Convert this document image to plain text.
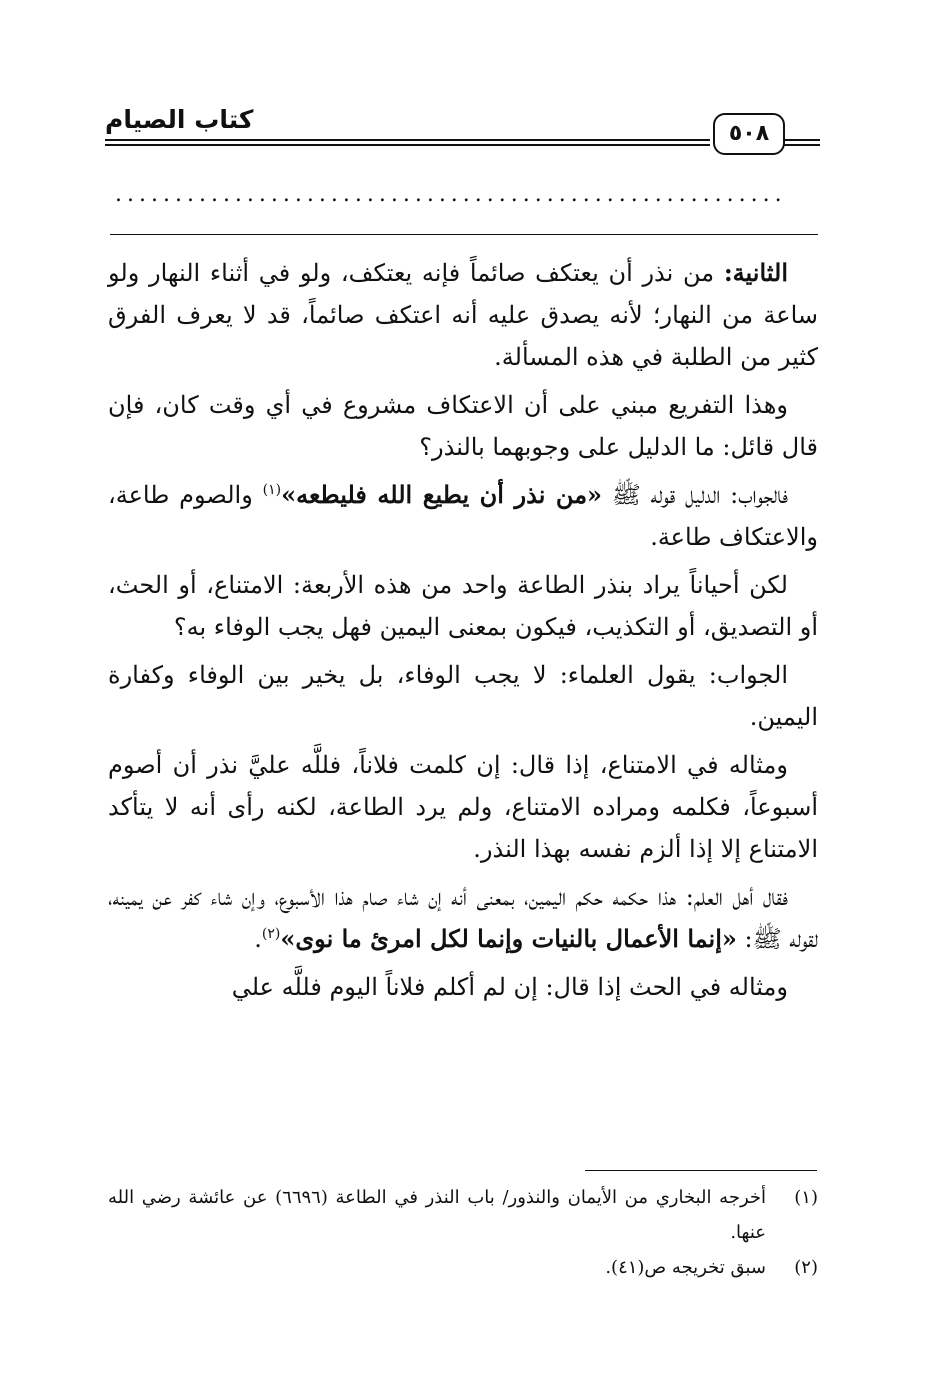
كتاب الصيام	٥٠٨
........................................................

الثانية: من نذر أن يعتكف صائماً فإنه يعتكف، ولو في أثناء النهار ولو ساعة من النهار؛ لأنه يصدق عليه أنه اعتكف صائماً، قد لا يعرف الفرق كثير من الطلبة في هذه المسألة.

وهذا التفريع مبني على أن الاعتكاف مشروع في أي وقت كان، فإن قال قائل: ما الدليل على وجوبهما بالنذر؟

فالجواب: الدليل قوله ﷺ «من نذر أن يطيع الله فليطعه»$^{(١)}$ والصوم طاعة، والاعتكاف طاعة.

لكن أحياناً يراد بنذر الطاعة واحد من هذه الأربعة: الامتناع، أو الحث، أو التصديق، أو التكذيب، فيكون بمعنى اليمين فهل يجب الوفاء به؟

الجواب: يقول العلماء: لا يجب الوفاء، بل يخير بين الوفاء وكفارة اليمين.

ومثاله في الامتناع، إذا قال: إن كلمت فلاناً، فللَّه عليَّ نذر أن أصوم أسبوعاً، فكلمه ومراده الامتناع، ولم يرد الطاعة، لكنه رأى أنه لا يتأكد الامتناع إلا إذا ألزم نفسه بهذا النذر.

فقال أهل العلم: هذا حكمه حكم اليمين، بمعنى أنه إن شاء صام هذا الأسبوع، وإن شاء كفر عن يمينه، لقوله ﷺ: «إنما الأعمال بالنيات وإنما لكل امرئ ما نوى»$^{(٢)}$.

ومثاله في الحث إذا قال: إن لم أكلم فلاناً اليوم فللَّه علي

(١)
أخرجه البخاري من الأيمان والنذور/ باب النذر في الطاعة (٦٦٩٦) عن عائشة رضي الله عنها.
(٢)
سبق تخريجه ص(٤١).
